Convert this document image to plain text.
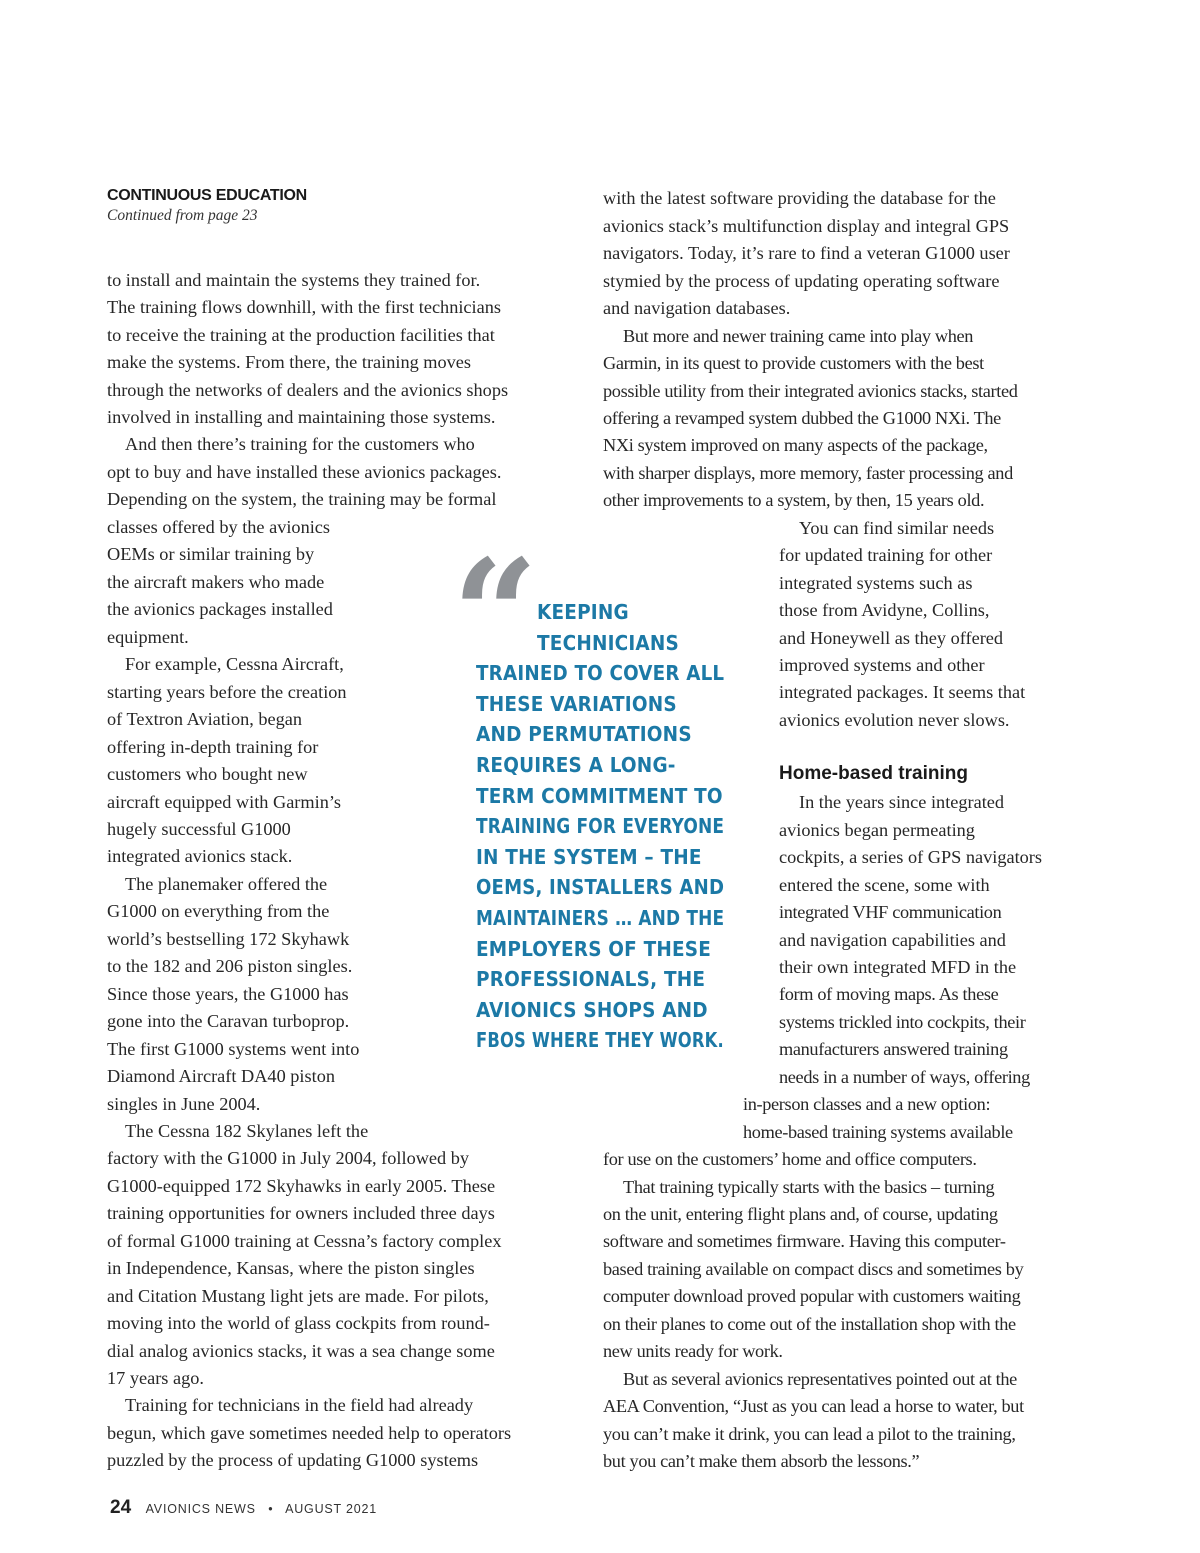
CONTINUOUS EDUCATION

Continued from page 23

to install and maintain the systems they trained for.

The training flows downhill, with the first technicians

to receive the training at the production facilities that

make the systems. From there, the training moves

through the networks of dealers and the avionics shops

involved in installing and maintaining those systems.

And then there’s training for the customers who

opt to buy and have installed these avionics packages.

Depending on the system, the training may be formal

classes offered by the avionics

OEMs or similar training by

the aircraft makers who made

the avionics packages installed

equipment.

For example, Cessna Aircraft,

starting years before the creation

of Textron Aviation, began

offering in-depth training for

customers who bought new

aircraft equipped with Garmin’s

hugely successful G1000

integrated avionics stack.

The planemaker offered the

G1000 on everything from the

world’s bestselling 172 Skyhawk

to the 182 and 206 piston singles.

Since those years, the G1000 has

gone into the Caravan turboprop.

The first G1000 systems went into

Diamond Aircraft DA40 piston

singles in June 2004.

The Cessna 182 Skylanes left the

factory with the G1000 in July 2004, followed by

G1000-equipped 172 Skyhawks in early 2005. These

training opportunities for owners included three days

of formal G1000 training at Cessna’s factory complex

in Independence, Kansas, where the piston singles

and Citation Mustang light jets are made. For pilots,

moving into the world of glass cockpits from round-

dial analog avionics stacks, it was a sea change some

17 years ago.

Training for technicians in the field had already

begun, which gave sometimes needed help to operators

puzzled by the process of updating G1000 systems

“

KEEPING

TECHNICIANS

TRAINED TO COVER ALL

THESE VARIATIONS

AND PERMUTATIONS

REQUIRES A LONG-

TERM COMMITMENT TO

TRAINING FOR EVERYONE

IN THE SYSTEM – THE

OEMS, INSTALLERS AND

MAINTAINERS … AND THE

EMPLOYERS OF THESE

PROFESSIONALS, THE

AVIONICS SHOPS AND

FBOS WHERE THEY WORK.

Home-based training

with the latest software providing the database for the

avionics stack’s multifunction display and integral GPS

navigators. Today, it’s rare to find a veteran G1000 user

stymied by the process of updating operating software

and navigation databases.

But more and newer training came into play when

Garmin, in its quest to provide customers with the best

possible utility from their integrated avionics stacks, started

offering a revamped system dubbed the G1000 NXi. The

NXi system improved on many aspects of the package,

with sharper displays, more memory, faster processing and

other improvements to a system, by then, 15 years old.

You can find similar needs

for updated training for other

integrated systems such as

those from Avidyne, Collins,

and Honeywell as they offered

improved systems and other

integrated packages. It seems that

avionics evolution never slows.

In the years since integrated

avionics began permeating

cockpits, a series of GPS navigators

entered the scene, some with

integrated VHF communication

and navigation capabilities and

their own integrated MFD in the

form of moving maps. As these

systems trickled into cockpits, their

manufacturers answered training

needs in a number of ways, offering

in-person classes and a new option:

home-based training systems available

for use on the customers’ home and office computers.

That training typically starts with the basics – turning

on the unit, entering flight plans and, of course, updating

software and sometimes firmware. Having this computer-

based training available on compact discs and sometimes by

computer download proved popular with customers waiting

on their planes to come out of the installation shop with the

new units ready for work.

But as several avionics representatives pointed out at the

AEA Convention, “Just as you can lead a horse to water, but

you can’t make it drink, you can lead a pilot to the training,

but you can’t make them absorb the lessons.”

24 AVIONICS NEWS • AUGUST 2021
